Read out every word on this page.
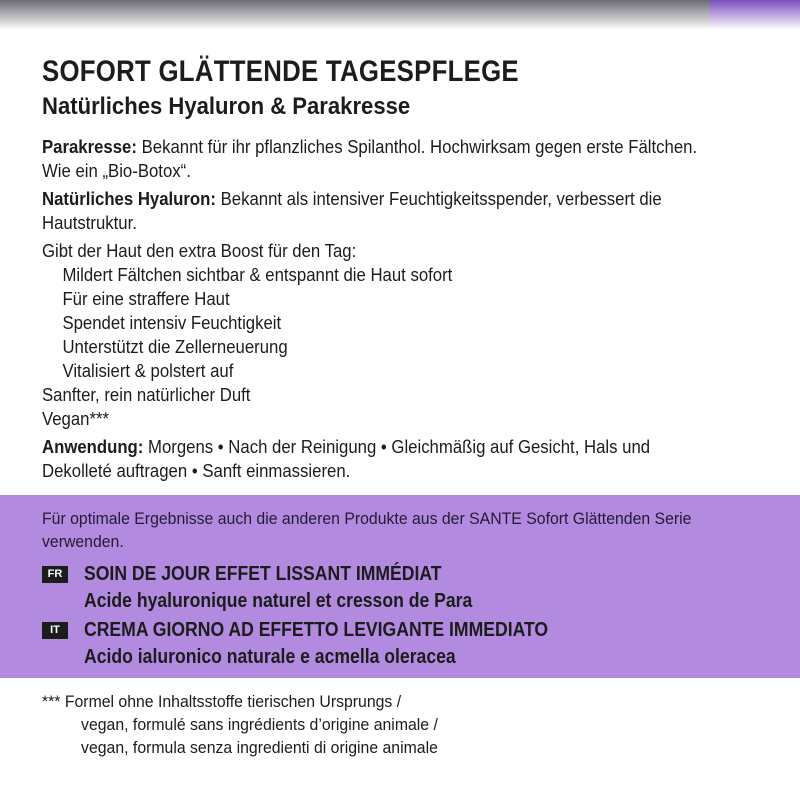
SOFORT GLÄTTENDE TAGESPFLEGE
Natürliches Hyaluron & Parakresse

Parakresse: Bekannt für ihr pflanzliches Spilanthol. Hochwirksam gegen erste Fältchen. Wie ein „Bio-Botox“.

Natürliches Hyaluron: Bekannt als intensiver Feuchtigkeitsspender, verbessert die Hautstruktur.

Gibt der Haut den extra Boost für den Tag:
Mildert Fältchen sichtbar & entspannt die Haut sofort
Für eine straffere Haut
Spendet intensiv Feuchtigkeit
Unterstützt die Zellerneuerung
Vitalisiert & polstert auf
Sanfter, rein natürlicher Duft
Vegan***

Anwendung: Morgens • Nach der Reinigung • Gleichmäßig auf Gesicht, Hals und Dekolleté auftragen • Sanft einmassieren.

Für optimale Ergebnisse auch die anderen Produkte aus der SANTE Sofort Glättenden Serie verwenden.
FR SOIN DE JOUR EFFET LISSANT IMMÉDIAT
Acide hyaluronique naturel et cresson de Para
IT	CREMA GIORNO AD EFFETTO LEVIGANTE IMMEDIATO
Acido ialuronico naturale e acmella oleracea
*** Formel ohne Inhaltsstoffe tierischen Ursprungs /
vegan, formulé sans ingrédients d’origine animale /
vegan, formula senza ingredienti di origine animale
